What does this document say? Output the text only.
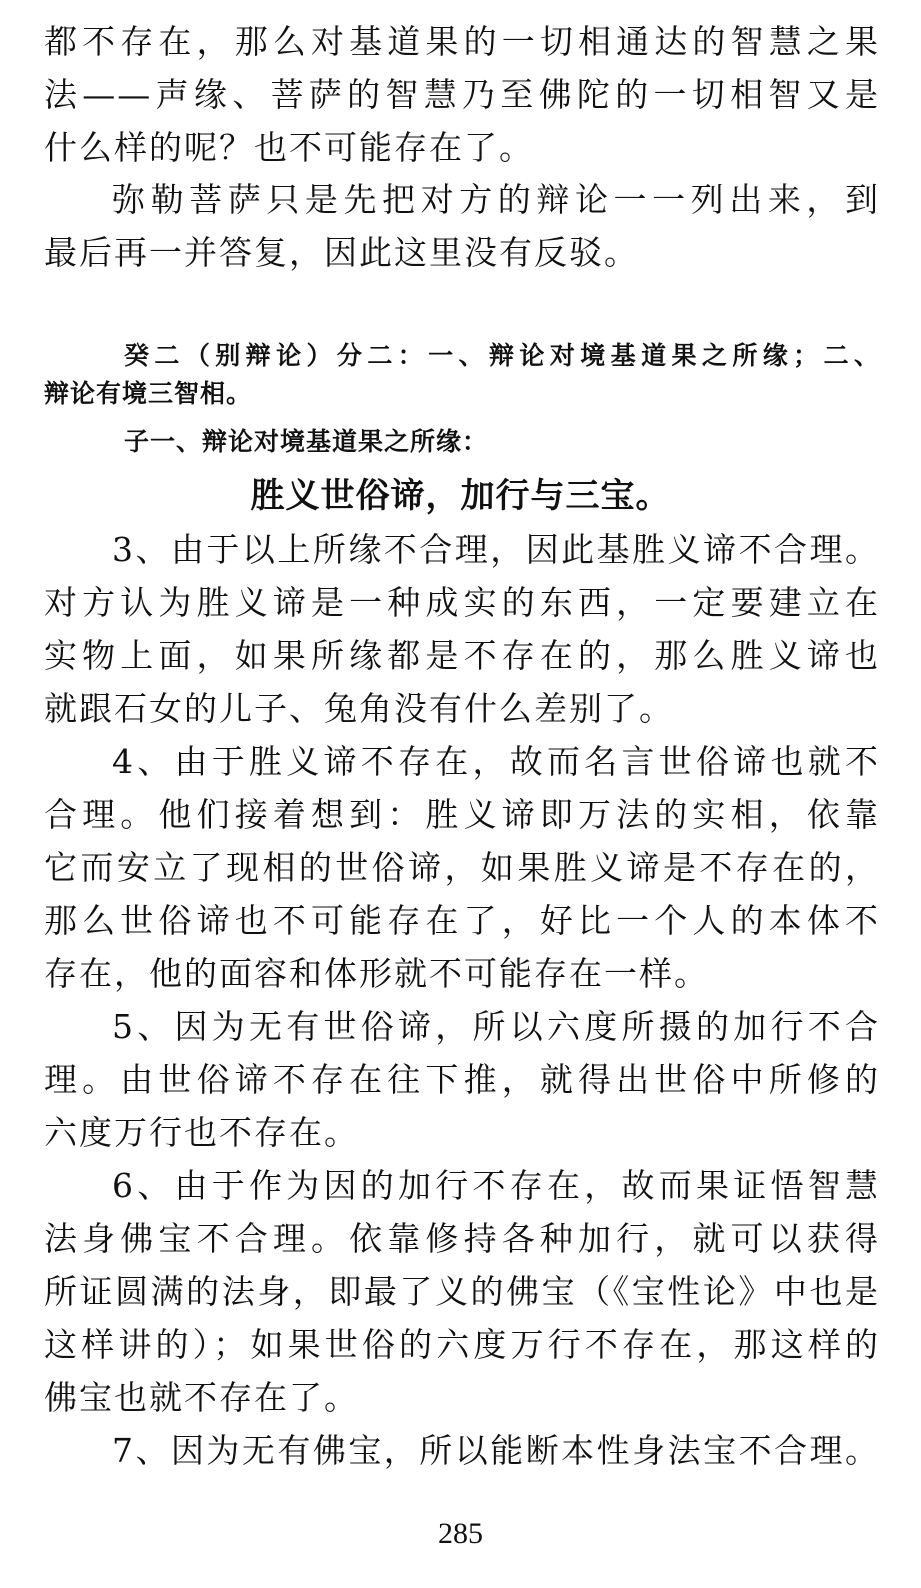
都不存在，那么对基道果的一切相通达的智慧之果
法——声缘、菩萨的智慧乃至佛陀的一切相智又是
什么样的呢？也不可能存在了。
弥勒菩萨只是先把对方的辩论一一列出来，到
最后再一并答复，因此这里没有反驳。
癸二（别辩论）分二：一、辩论对境基道果之所缘；二、
辩论有境三智相。
子一、辩论对境基道果之所缘：
胜义世俗谛，加行与三宝。
3、由于以上所缘不合理，因此基胜义谛不合理。
对方认为胜义谛是一种成实的东西，一定要建立在
实物上面，如果所缘都是不存在的，那么胜义谛也
就跟石女的儿子、兔角没有什么差别了。
4、由于胜义谛不存在，故而名言世俗谛也就不
合理。他们接着想到：胜义谛即万法的实相，依靠
它而安立了现相的世俗谛，如果胜义谛是不存在的，
那么世俗谛也不可能存在了，好比一个人的本体不
存在，他的面容和体形就不可能存在一样。
5、因为无有世俗谛，所以六度所摄的加行不合
理。由世俗谛不存在往下推，就得出世俗中所修的
六度万行也不存在。
6、由于作为因的加行不存在，故而果证悟智慧
法身佛宝不合理。依靠修持各种加行，就可以获得
所证圆满的法身，即最了义的佛宝（《宝性论》中也是
这样讲的）；如果世俗的六度万行不存在，那这样的
佛宝也就不存在了。
7、因为无有佛宝，所以能断本性身法宝不合理。
285
